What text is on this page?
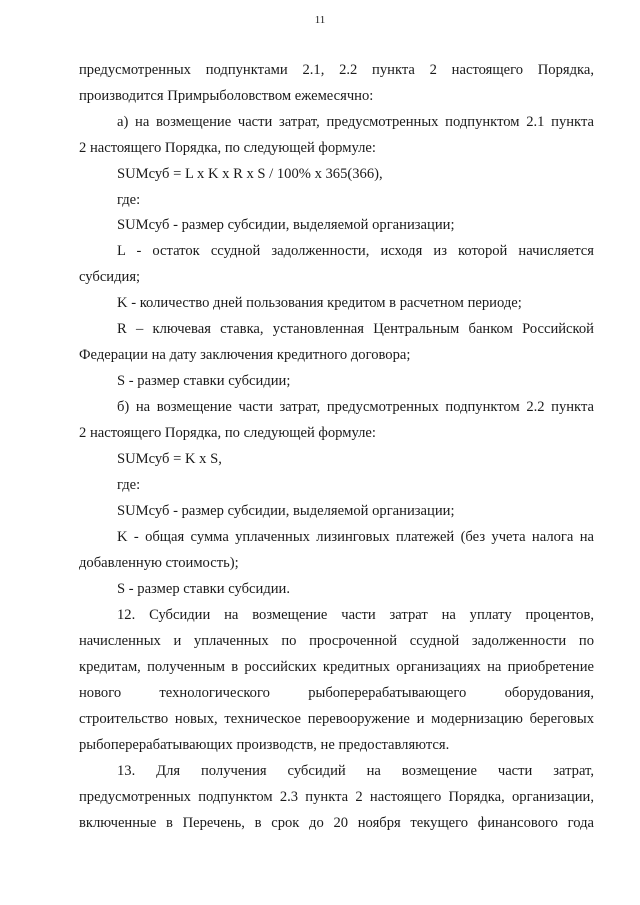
11
предусмотренных подпунктами 2.1, 2.2 пункта 2 настоящего Порядка,
производится Примрыболовством ежемесячно:
а) на возмещение части затрат, предусмотренных подпунктом 2.1 пункта
2 настоящего Порядка, по следующей формуле:
SUMсуб = L x K x R x S / 100% x 365(366),
где:
SUMсуб - размер субсидии, выделяемой организации;
L - остаток ссудной задолженности, исходя из которой начисляется
субсидия;
K - количество дней пользования кредитом в расчетном периоде;
R – ключевая ставка, установленная Центральным банком Российской
Федерации на дату заключения кредитного договора;
S - размер ставки субсидии;
б) на возмещение части затрат, предусмотренных подпунктом 2.2 пункта
2 настоящего Порядка, по следующей формуле:
SUMсуб = K x S,
где:
SUMсуб - размер субсидии, выделяемой организации;
K - общая сумма уплаченных лизинговых платежей (без учета налога на
добавленную стоимость);
S - размер ставки субсидии.
12. Субсидии на возмещение части затрат на уплату процентов,
начисленных и уплаченных по просроченной ссудной задолженности по
кредитам, полученным в российских кредитных организациях на приобретение
нового технологического рыбоперерабатывающего оборудования,
строительство новых, техническое перевооружение и модернизацию береговых
рыбоперерабатывающих производств, не предоставляются.
13. Для получения субсидий на возмещение части затрат,
предусмотренных подпунктом 2.3 пункта 2 настоящего Порядка, организации,
включенные в Перечень, в срок до 20 ноября текущего финансового года
